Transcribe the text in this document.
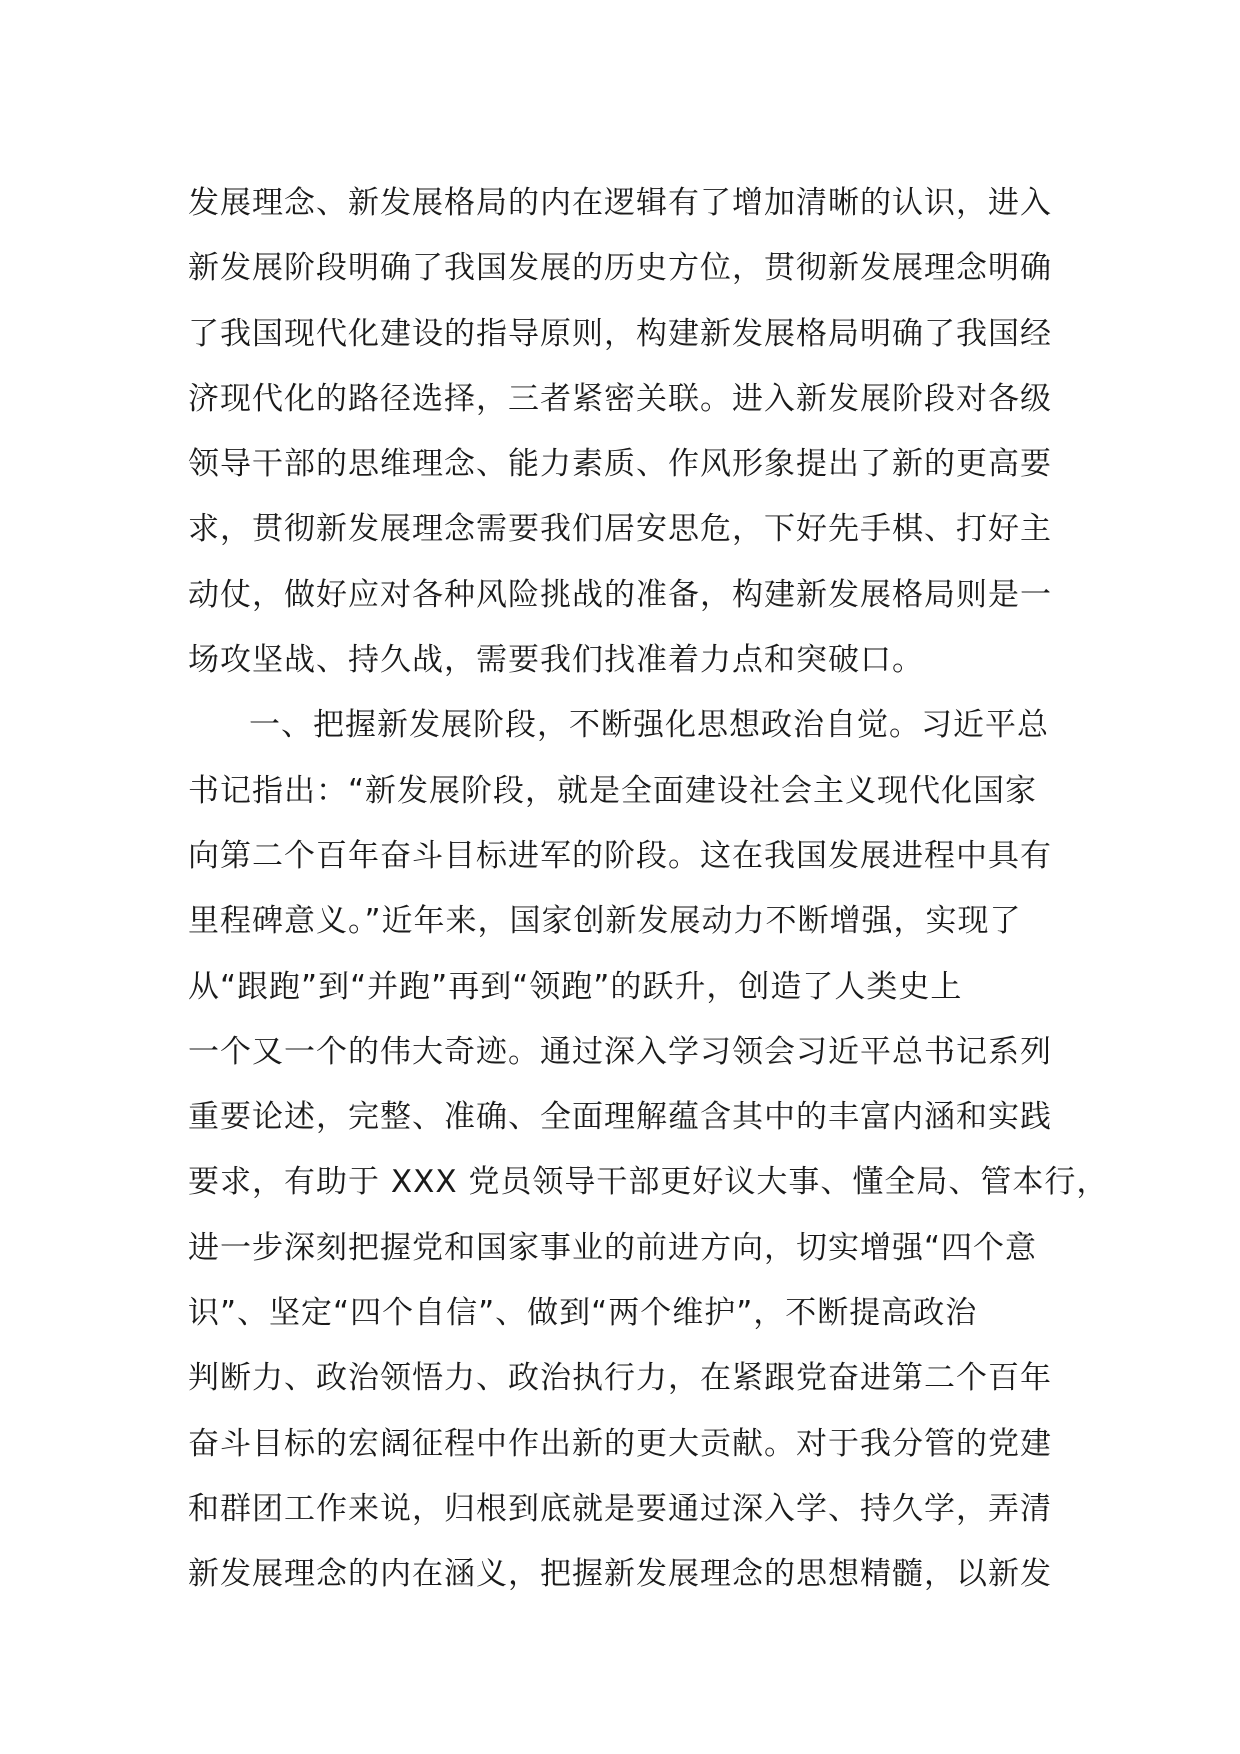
发展理念、新发展格局的内在逻辑有了增加清晰的认识，进入
新发展阶段明确了我国发展的历史方位，贯彻新发展理念明确
了我国现代化建设的指导原则，构建新发展格局明确了我国经
济现代化的路径选择，三者紧密关联。进入新发展阶段对各级
领导干部的思维理念、能力素质、作风形象提出了新的更高要
求，贯彻新发展理念需要我们居安思危，下好先手棋、打好主
动仗，做好应对各种风险挑战的准备，构建新发展格局则是一
场攻坚战、持久战，需要我们找准着力点和突破口。
一、把握新发展阶段，不断强化思想政治自觉。习近平总
书记指出：“新发展阶段，就是全面建设社会主义现代化国家
向第二个百年奋斗目标进军的阶段。这在我国发展进程中具有
里程碑意义。”近年来，国家创新发展动力不断增强，实现了
从“跟跑”到“并跑”再到“领跑”的跃升，创造了人类史上
一个又一个的伟大奇迹。通过深入学习领会习近平总书记系列
重要论述，完整、准确、全面理解蕴含其中的丰富内涵和实践
要求，有助于 XXX 党员领导干部更好议大事、懂全局、管本行，
进一步深刻把握党和国家事业的前进方向，切实增强“四个意
识”、坚定“四个自信”、做到“两个维护”，不断提高政治
判断力、政治领悟力、政治执行力，在紧跟党奋进第二个百年
奋斗目标的宏阔征程中作出新的更大贡献。对于我分管的党建
和群团工作来说，归根到底就是要通过深入学、持久学，弄清
新发展理念的内在涵义，把握新发展理念的思想精髓，以新发
